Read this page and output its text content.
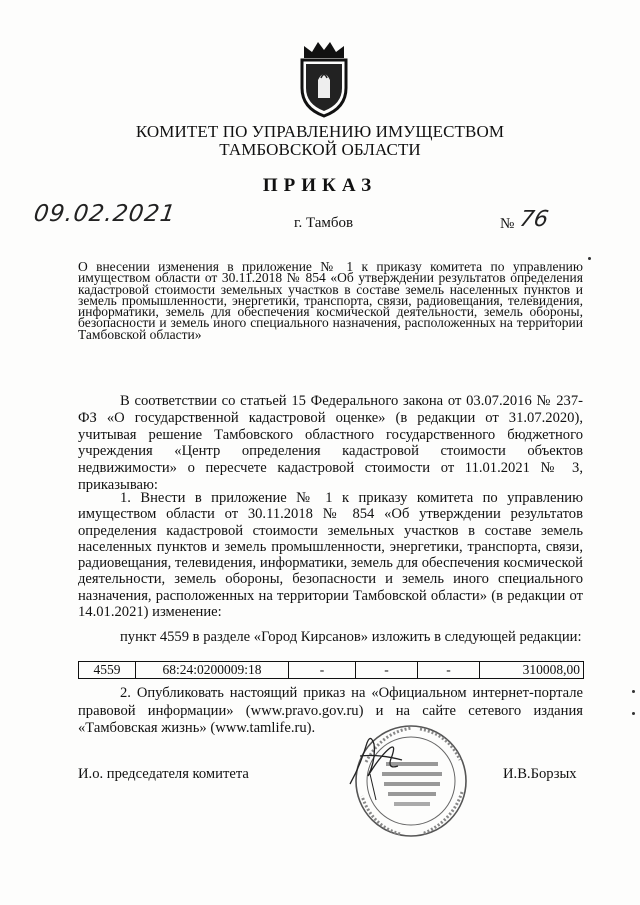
КОМИТЕТ ПО УПРАВЛЕНИЮ ИМУЩЕСТВОМ
ТАМБОВСКОЙ ОБЛАСТИ
ПРИКАЗ
09.02.2021	г. Тамбов	№ 76
О внесении изменения в приложение № 1 к приказу комитета по управлению имуществом области от 30.11.2018 № 854 «Об утверждении результатов определения кадастровой стоимости земельных участков в составе земель населенных пунктов и земель промышленности, энергетики, транспорта, связи, радиовещания, телевидения, информатики, земель для обеспечения космической деятельности, земель обороны, безопасности и земель иного специального назначения, расположенных на территории Тамбовской области»
В соответствии со статьей 15 Федерального закона от 03.07.2016 № 237-ФЗ «О государственной кадастровой оценке» (в редакции от 31.07.2020), учитывая решение Тамбовского областного государственного бюджетного учреждения «Центр определения кадастровой стоимости объектов недвижимости» о пересчете кадастровой стоимости от 11.01.2021 № 3, приказываю:
1. Внести в приложение № 1 к приказу комитета по управлению имуществом области от 30.11.2018 № 854 «Об утверждении результатов определения кадастровой стоимости земельных участков в составе земель населенных пунктов и земель промышленности, энергетики, транспорта, связи, радиовещания, телевидения, информатики, земель для обеспечения космической деятельности, земель обороны, безопасности и земель иного специального назначения, расположенных на территории Тамбовской области» (в редакции от 14.01.2021) изменение:
пункт 4559 в разделе «Город Кирсанов» изложить в следующей редакции:
4559	68:24:0200009:18	-	-	-	310008,00
2. Опубликовать настоящий приказ на «Официальном интернет-портале правовой информации» (www.pravo.gov.ru) и на сайте сетевого издания «Тамбовская жизнь» (www.tamlife.ru).
И.о. председателя комитета	И.В.Борзых
